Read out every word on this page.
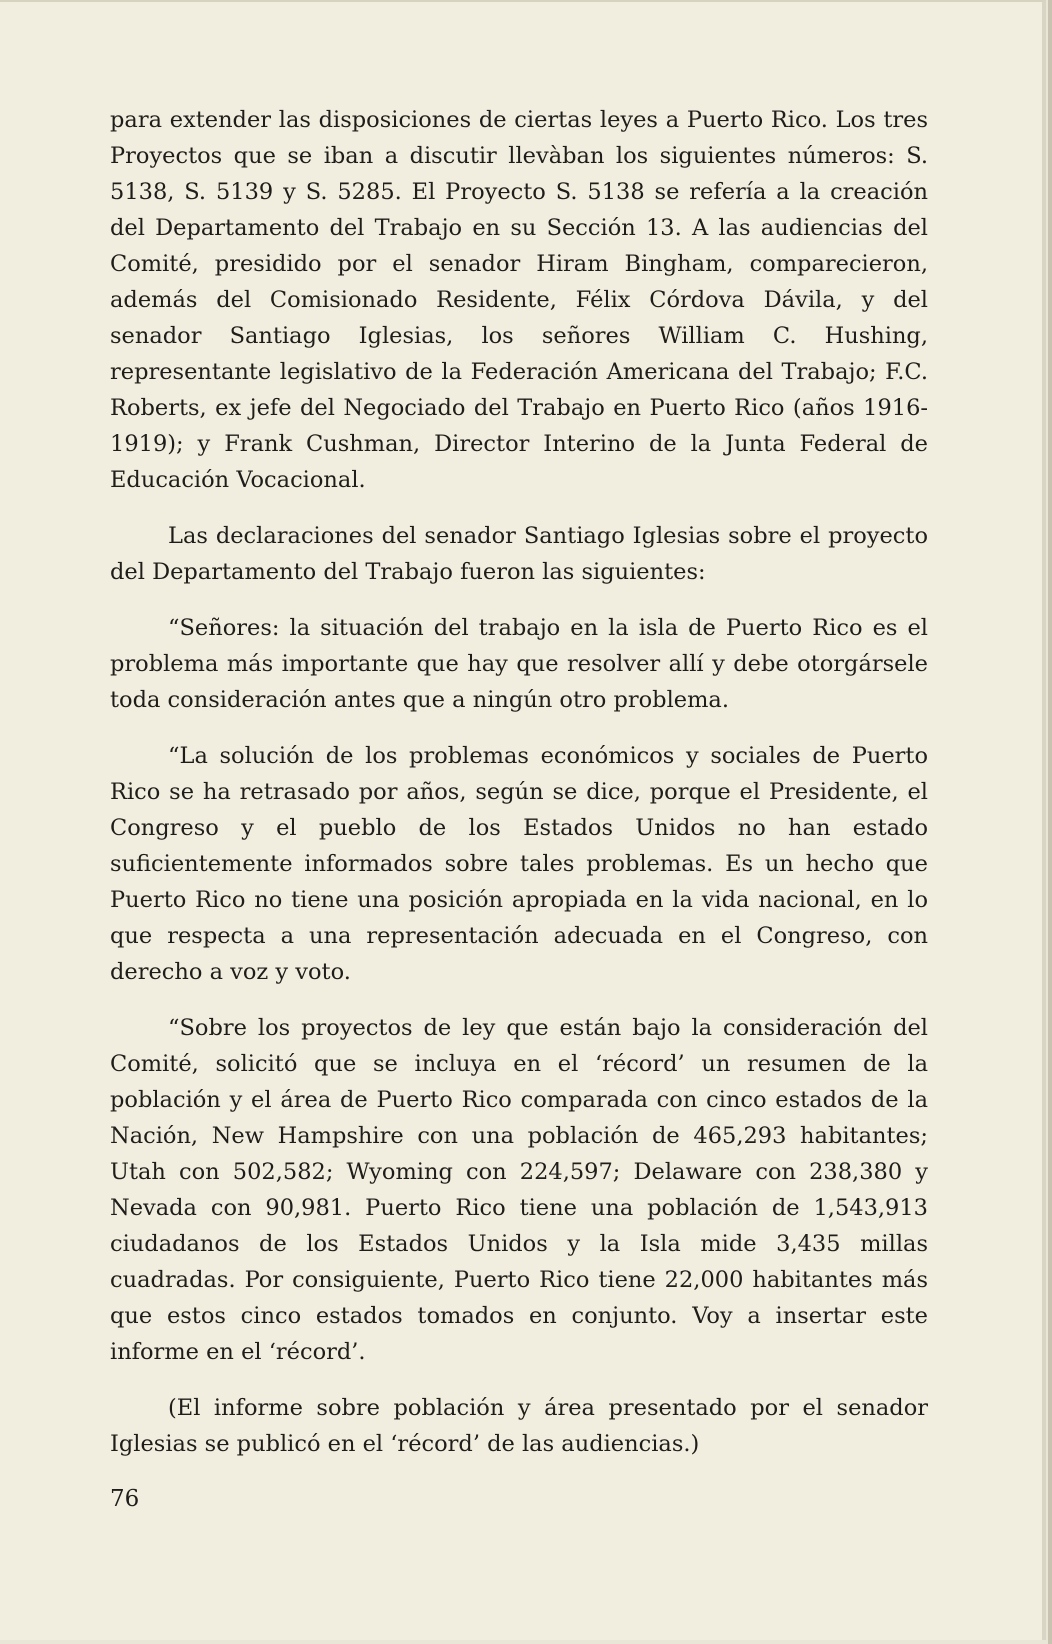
para extender las disposiciones de ciertas leyes a Puerto Rico. Los tres Proyectos que se iban a discutir llevàban los siguientes números: S. 5138, S. 5139 y S. 5285. El Proyecto S. 5138 se refería a la creación del Departamento del Trabajo en su Sección 13. A las audiencias del Comité, presidido por el senador Hiram Bingham, comparecieron, además del Comisionado Residente, Félix Córdova Dávila, y del senador Santiago Iglesias, los señores William C. Hushing, representante legislativo de la Federación Americana del Trabajo; F.C. Roberts, ex jefe del Negociado del Trabajo en Puerto Rico (años 1916-1919); y Frank Cushman, Director Interino de la Junta Federal de Educación Vocacional.

Las declaraciones del senador Santiago Iglesias sobre el proyecto del Departamento del Trabajo fueron las siguientes:

“Señores: la situación del trabajo en la isla de Puerto Rico es el problema más importante que hay que resolver allí y debe otorgársele toda consideración antes que a ningún otro problema.

“La solución de los problemas económicos y sociales de Puerto Rico se ha retrasado por años, según se dice, porque el Presidente, el Congreso y el pueblo de los Estados Unidos no han estado suficientemente informados sobre tales problemas. Es un hecho que Puerto Rico no tiene una posición apropiada en la vida nacional, en lo que respecta a una representación adecuada en el Congreso, con derecho a voz y voto.

“Sobre los proyectos de ley que están bajo la consideración del Comité, solicitó que se incluya en el ‘récord’ un resumen de la población y el área de Puerto Rico comparada con cinco estados de la Nación, New Hampshire con una población de 465,293 habitantes; Utah con 502,582; Wyoming con 224,597; Delaware con 238,380 y Nevada con 90,981. Puerto Rico tiene una población de 1,543,913 ciudadanos de los Estados Unidos y la Isla mide 3,435 millas cuadradas. Por consiguiente, Puerto Rico tiene 22,000 habitantes más que estos cinco estados tomados en conjunto. Voy a insertar este informe en el ‘récord’.

(El informe sobre población y área presentado por el senador Iglesias se publicó en el ‘récord’ de las audiencias.)

76
